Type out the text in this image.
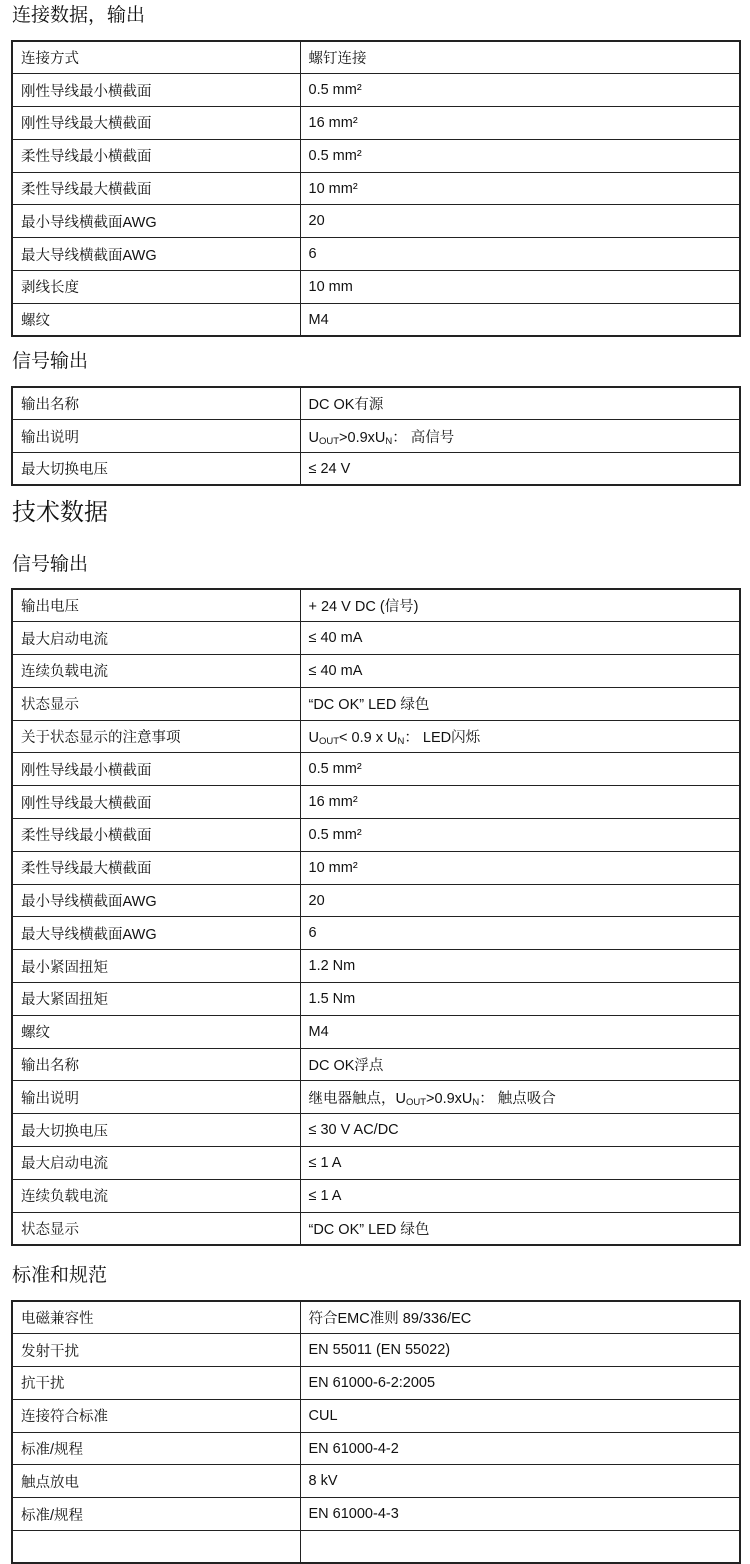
连接数据，输出
连接方式	螺钉连接
刚性导线最小横截面	0.5 mm²
刚性导线最大横截面	16 mm²
柔性导线最小横截面	0.5 mm²
柔性导线最大横截面	10 mm²
最小导线横截面AWG	20
最大导线横截面AWG	6
剥线长度	10 mm
螺纹	M4
信号输出
输出名称	DC OK有源
输出说明	$U_{OUT}>0.9xU_N$： 高信号
最大切换电压	≤ 24 V
技术数据
信号输出
输出电压	+ 24 V DC (信号)
最大启动电流	≤ 40 mA
连续负载电流	≤ 40 mA
状态显示	“DC OK” LED 绿色
关于状态显示的注意事项	$U_{OUT}< 0.9$ x $U_N$： LED闪烁
刚性导线最小横截面	0.5 mm²
刚性导线最大横截面	16 mm²
柔性导线最小横截面	0.5 mm²
柔性导线最大横截面	10 mm²
最小导线横截面AWG	20
最大导线横截面AWG	6
最小紧固扭矩	1.2 Nm
最大紧固扭矩	1.5 Nm
螺纹	M4
输出名称	DC OK浮点
输出说明	继电器触点，$U_{OUT}>0.9xU_N$： 触点吸合
最大切换电压	≤ 30 V AC/DC
最大启动电流	≤ 1 A
连续负载电流	≤ 1 A
状态显示	“DC OK” LED 绿色
标准和规范
电磁兼容性	符合EMC准则 89/336/EC
发射干扰	EN 55011 (EN 55022)
抗干扰	EN 61000-6-2:2005
连接符合标准	CUL
标准/规程	EN 61000-4-2
触点放电	8 kV
标准/规程	EN 61000-4-3
